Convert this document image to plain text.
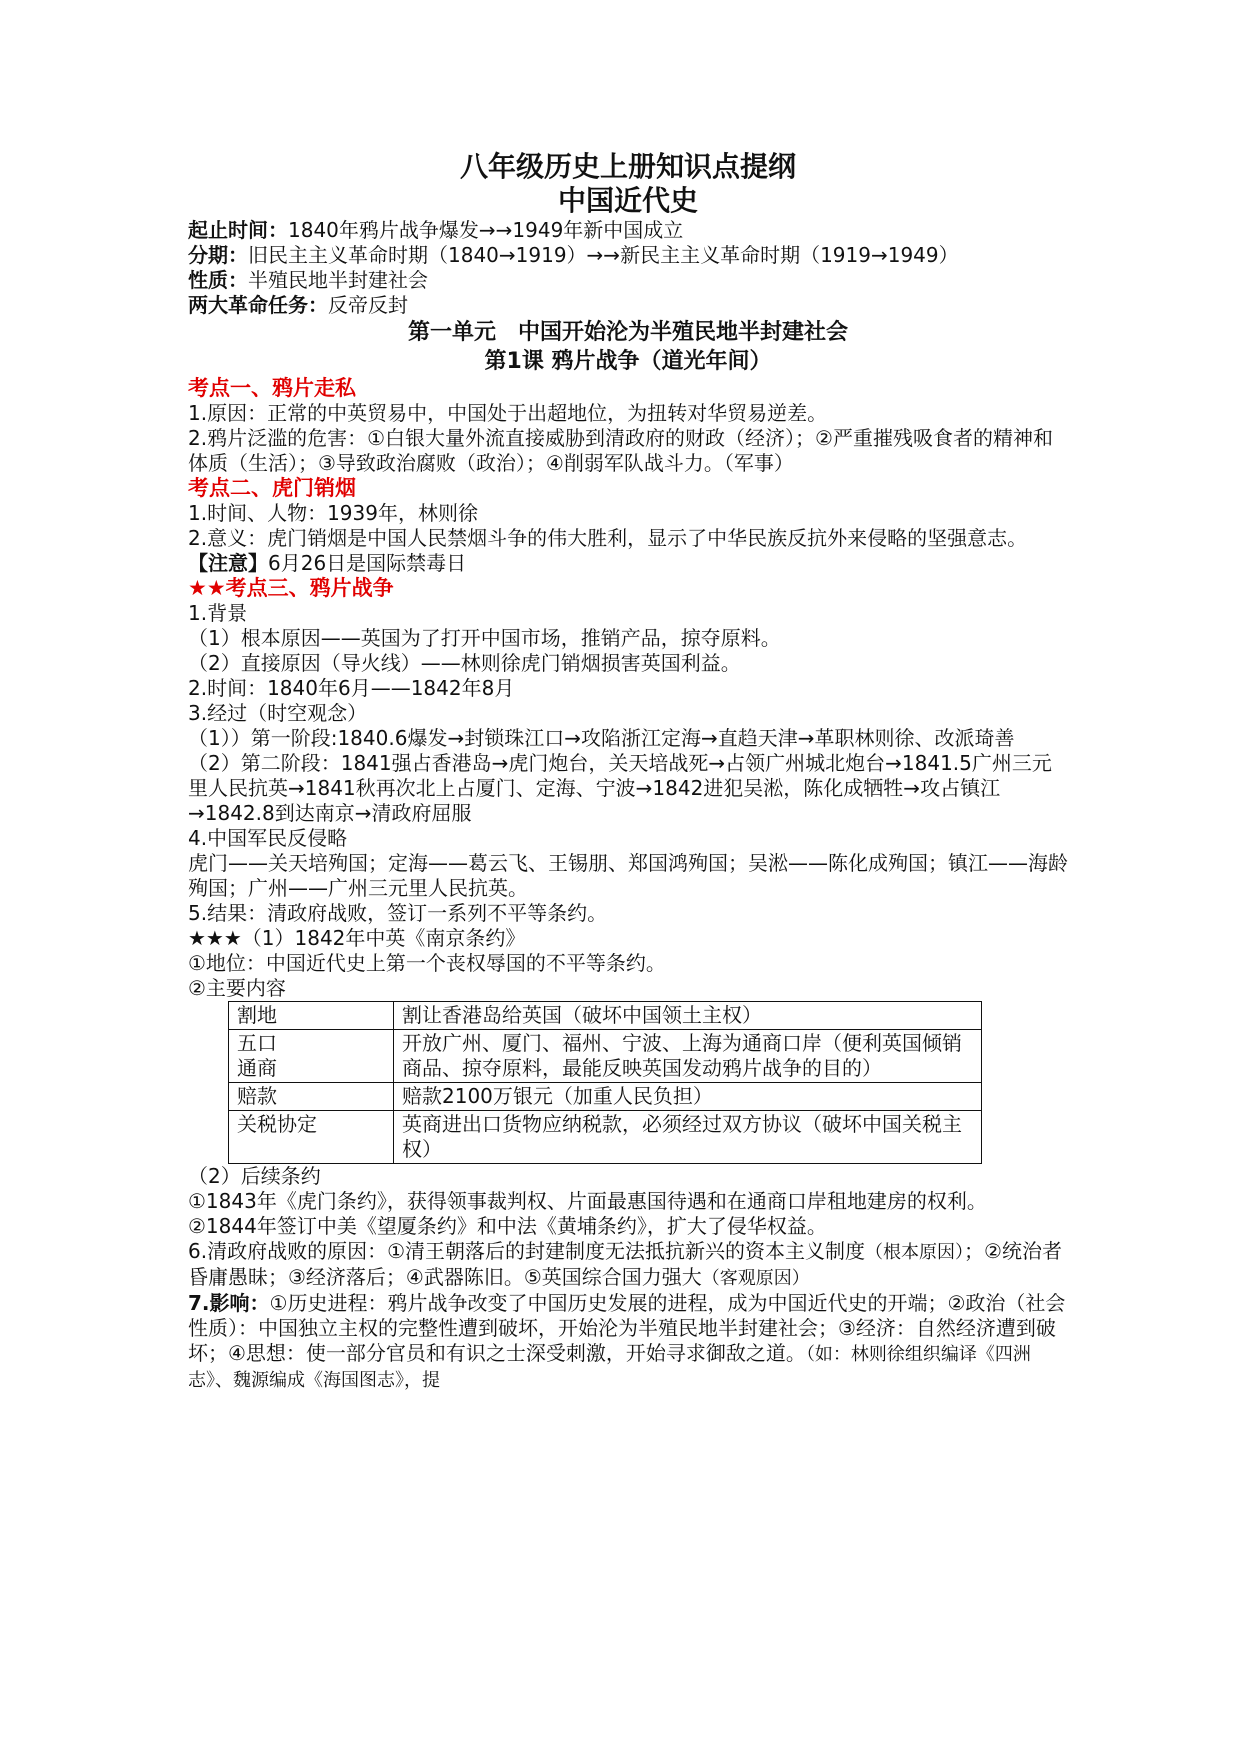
八年级历史上册知识点提纲

中国近代史

起止时间：1840年鸦片战争爆发→→1949年新中国成立

分期：旧民主主义革命时期（1840→1919）→→新民主主义革命时期（1919→1949）

性质：半殖民地半封建社会

两大革命任务：反帝反封

第一单元　中国开始沦为半殖民地半封建社会

第1课 鸦片战争（道光年间）

考点一、鸦片走私

1.原因：正常的中英贸易中，中国处于出超地位，为扭转对华贸易逆差。

2.鸦片泛滥的危害：①白银大量外流直接威胁到清政府的财政（经济）；②严重摧残吸食者的精神和体质（生活）；③导致政治腐败（政治）；④削弱军队战斗力。（军事）

考点二、虎门销烟

1.时间、人物：1939年，林则徐

2.意义：虎门销烟是中国人民禁烟斗争的伟大胜利，显示了中华民族反抗外来侵略的坚强意志。

【注意】6月26日是国际禁毒日

★★考点三、鸦片战争

1.背景

（1）根本原因——英国为了打开中国市场，推销产品，掠夺原料。

（2）直接原因（导火线）——林则徐虎门销烟损害英国利益。

2.时间：1840年6月——1842年8月

3.经过（时空观念）

（1））第一阶段:1840.6爆发→封锁珠江口→攻陷浙江定海→直趋天津→革职林则徐、改派琦善

（2）第二阶段：1841强占香港岛→虎门炮台，关天培战死→占领广州城北炮台→1841.5广州三元里人民抗英→1841秋再次北上占厦门、定海、宁波→1842进犯吴淞，陈化成牺牲→攻占镇江→1842.8到达南京→清政府屈服

4.中国军民反侵略

虎门——关天培殉国；定海——葛云飞、王锡朋、郑国鸿殉国；吴淞——陈化成殉国；镇江——海龄殉国；广州——广州三元里人民抗英。

5.结果：清政府战败，签订一系列不平等条约。

★★★（1）1842年中英《南京条约》

①地位：中国近代史上第一个丧权辱国的不平等条约。

②主要内容

割地	割让香港岛给英国（破坏中国领土主权）
五口
通商	开放广州、厦门、福州、宁波、上海为通商口岸（便利英国倾销商品、掠夺原料，最能反映英国发动鸦片战争的目的）
赔款	赔款2100万银元（加重人民负担）
关税协定	英商进出口货物应纳税款，必须经过双方协议（破坏中国关税主权）

（2）后续条约

①1843年《虎门条约》，获得领事裁判权、片面最惠国待遇和在通商口岸租地建房的权利。

②1844年签订中美《望厦条约》和中法《黄埔条约》，扩大了侵华权益。

6.清政府战败的原因：①清王朝落后的封建制度无法抵抗新兴的资本主义制度（根本原因）；②统治者昏庸愚昧；③经济落后；④武器陈旧。⑤英国综合国力强大（客观原因）

7.影响：①历史进程：鸦片战争改变了中国历史发展的进程，成为中国近代史的开端；②政治（社会性质）：中国独立主权的完整性遭到破坏，开始沦为半殖民地半封建社会；③经济：自然经济遭到破坏；④思想：使一部分官员和有识之士深受刺激，开始寻求御敌之道。（如：林则徐组织编译《四洲志》、魏源编成《海国图志》，提
